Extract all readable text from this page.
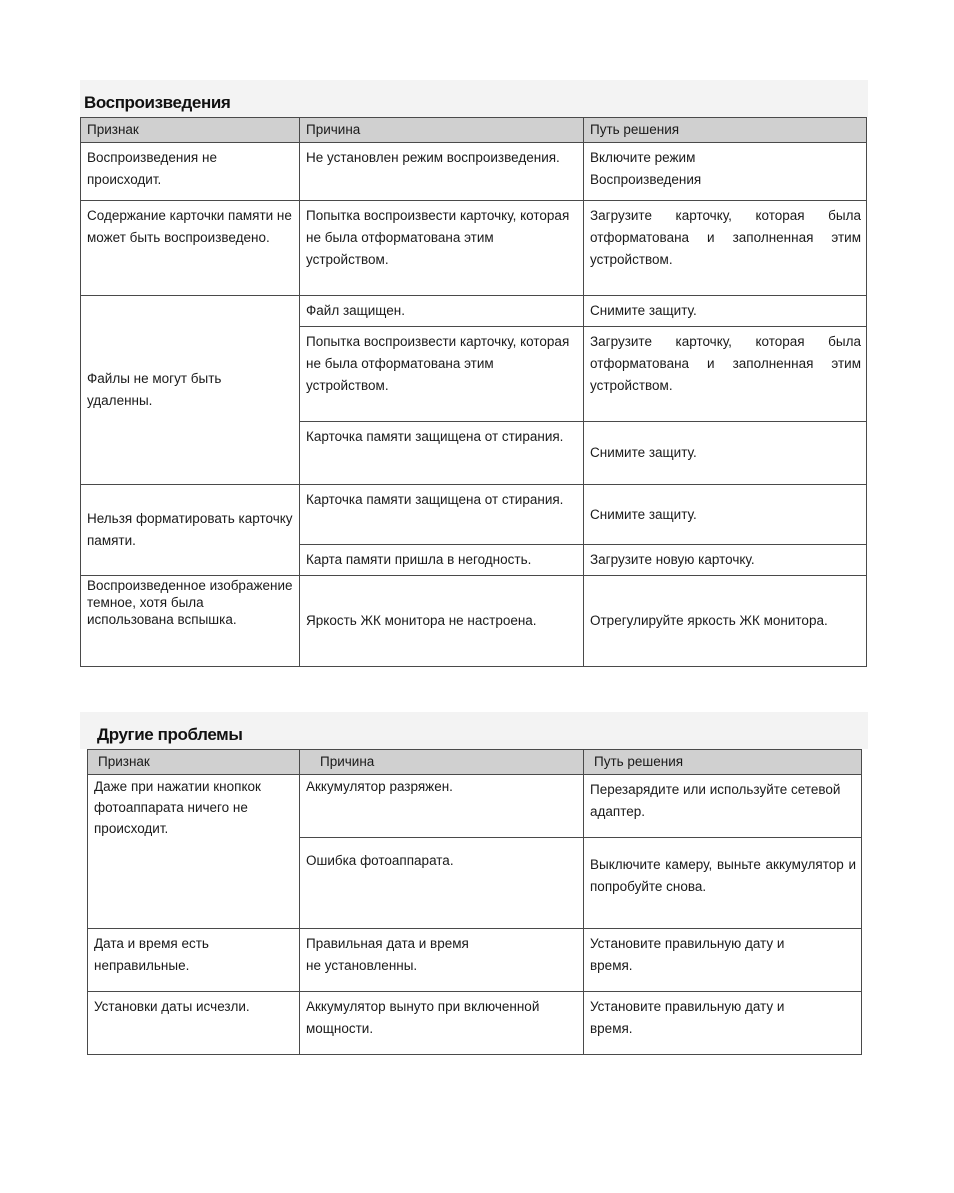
Воспроизведения
Признак	Причина	Путь решения
Воспроизведения не происходит.	Не установлен режим воспроизведения.	Включите режим Воспроизведения
Содержание карточки памяти не может быть воспроизведено.	Попытка воспроизвести карточку, которая не была отформатована этим устройством.	Загрузите карточку, которая была отформатована и заполненная этим устройством.
Файлы не могут быть удаленны.	Файл защищен.	Снимите защиту.
	Попытка воспроизвести карточку, которая не была отформатована этим устройством.	Загрузите карточку, которая была отформатована и заполненная этим устройством.
	Карточка памяти защищена от стирания.	Снимите защиту.
Нельзя форматировать карточку памяти.	Карточка памяти защищена от стирания.	Снимите защиту.
	Карта памяти пришла в негодность.	Загрузите новую карточку.
Воспроизведенное изображение темное, хотя была использована вспышка.	Яркость ЖК монитора не настроена.	Отрегулируйте яркость ЖК монитора.
Другие проблемы
Признак	Причина	Путь решения
Даже при нажатии кнопкок фотоаппарата ничего не происходит.	Аккумулятор разряжен.	Перезарядите или используйте сетевой адаптер.
	Ошибка фотоаппарата.	Выключите камеру, выньте аккумулятор и попробуйте снова.
Дата и время есть неправильные.	Правильная дата и время не установленны.	Установите правильную дату и время.
Установки даты исчезли.	Аккумулятор вынуто при включенной мощности.	Установите правильную дату и время.
